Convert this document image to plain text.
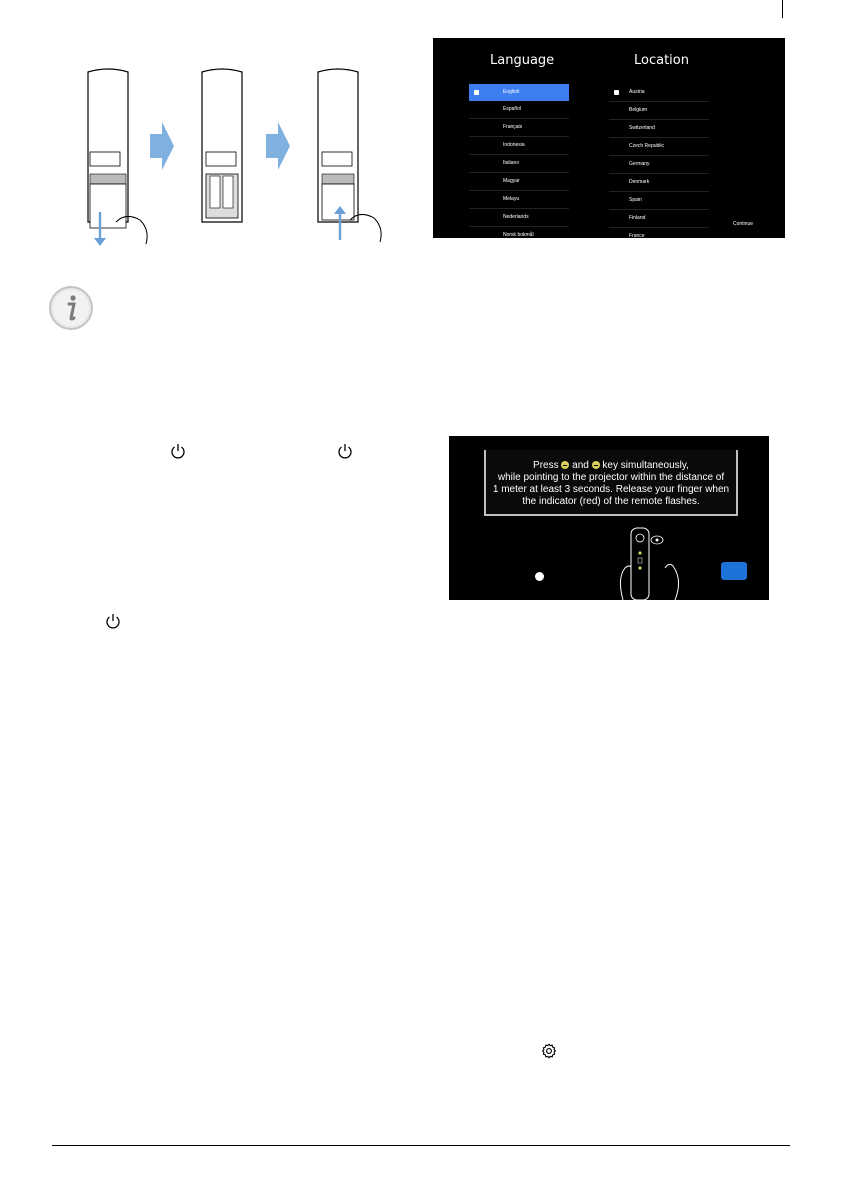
Language	Location
English
Español
Français
Indonesia
Italiano
Magyar
Melayu
Nederlands
Norsk bokmål
Austria
Belgium
Switzerland
Czech Republic
Germany
Denmark
Spain
Finland
France
Continue
Press and key simultaneously,
while pointing to the projector within the distance of
1 meter at least 3 seconds. Release your finger when
the indicator (red) of the remote flashes.
